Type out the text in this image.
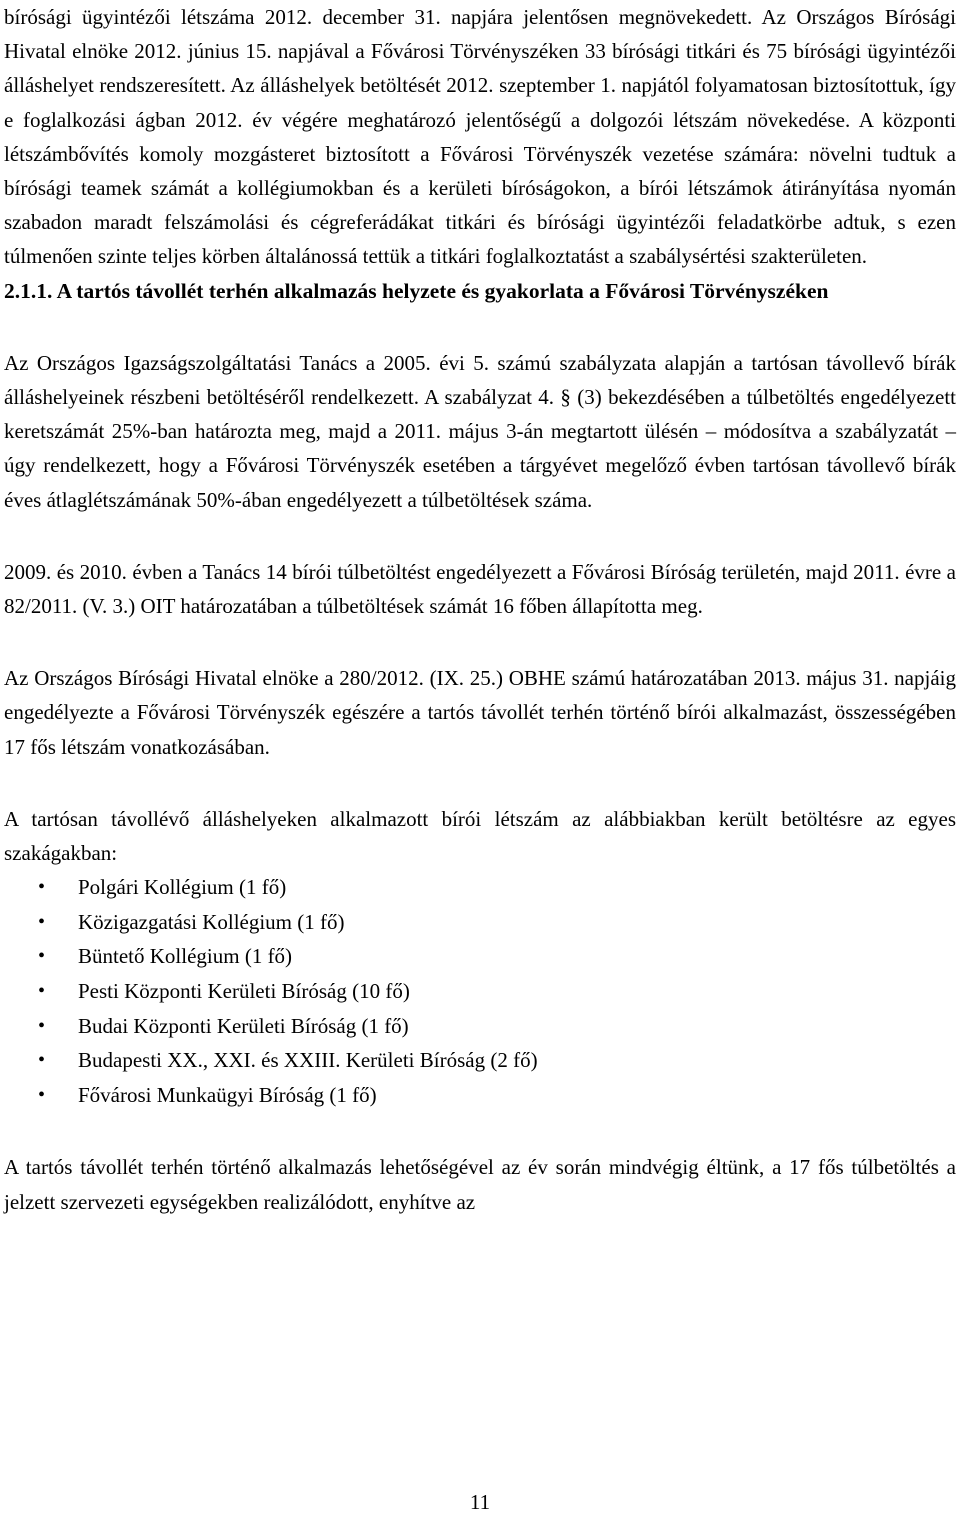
bírósági ügyintézői létszáma 2012. december 31. napjára jelentősen megnövekedett. Az Országos Bírósági Hivatal elnöke 2012. június 15. napjával a Fővárosi Törvényszéken 33 bírósági titkári és 75 bírósági ügyintézői álláshelyet rendszeresített. Az álláshelyek betöltését 2012. szeptember 1. napjától folyamatosan biztosítottuk, így e foglalkozási ágban 2012. év végére meghatározó jelentőségű a dolgozói létszám növekedése. A központi létszámbővítés komoly mozgásteret biztosított a Fővárosi Törvényszék vezetése számára: növelni tudtuk a bírósági teamek számát a kollégiumokban és a kerületi bíróságokon, a bírói létszámok átirányítása nyomán szabadon maradt felszámolási és cégreferádákat titkári és bírósági ügyintézői feladatkörbe adtuk, s ezen túlmenően szinte teljes körben általánossá tettük a titkári foglalkoztatást a szabálysértési szakterületen.

2.1.1. A tartós távollét terhén alkalmazás helyzete és gyakorlata a Fővárosi Törvényszéken

Az Országos Igazságszolgáltatási Tanács a 2005. évi 5. számú szabályzata alapján a tartósan távollevő bírák álláshelyeinek részbeni betöltéséről rendelkezett. A szabályzat 4. § (3) bekezdésében a túlbetöltés engedélyezett keretszámát 25%-ban határozta meg, majd a 2011. május 3-án megtartott ülésén – módosítva a szabályzatát – úgy rendelkezett, hogy a Fővárosi Törvényszék esetében a tárgyévet megelőző évben tartósan távollevő bírák éves átlaglétszámának 50%-ában engedélyezett a túlbetöltések száma.

2009. és 2010. évben a Tanács 14 bírói túlbetöltést engedélyezett a Fővárosi Bíróság területén, majd 2011. évre a 82/2011. (V. 3.) OIT határozatában a túlbetöltések számát 16 főben állapította meg.

Az Országos Bírósági Hivatal elnöke a 280/2012. (IX. 25.) OBHE számú határozatában 2013. május 31. napjáig engedélyezte a Fővárosi Törvényszék egészére a tartós távollét terhén történő bírói alkalmazást, összességében 17 fős létszám vonatkozásában.

A tartósan távollévő álláshelyeken alkalmazott bírói létszám az alábbiakban került betöltésre az egyes szakágakban:

• Polgári Kollégium (1 fő)
• Közigazgatási Kollégium (1 fő)
• Büntető Kollégium (1 fő)
• Pesti Központi Kerületi Bíróság (10 fő)
• Budai Központi Kerületi Bíróság (1 fő)
• Budapesti XX., XXI. és XXIII. Kerületi Bíróság (2 fő)
• Fővárosi Munkaügyi Bíróság (1 fő)

A tartós távollét terhén történő alkalmazás lehetőségével az év során mindvégig éltünk, a 17 fős túlbetöltés a jelzett szervezeti egységekben realizálódott, enyhítve az

11
